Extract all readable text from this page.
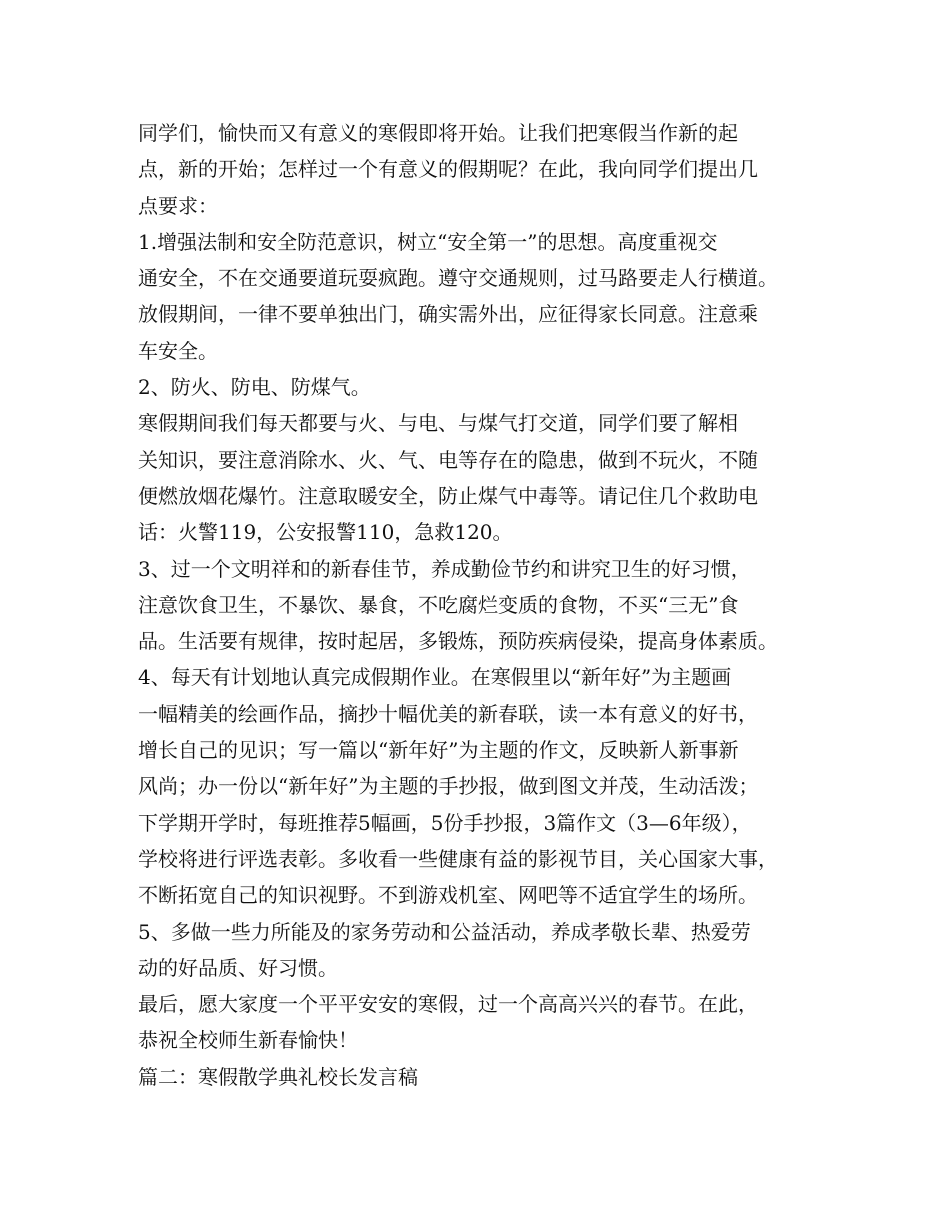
同学们，愉快而又有意义的寒假即将开始。让我们把寒假当作新的起
点，新的开始；怎样过一个有意义的假期呢？在此，我向同学们提出几
点要求：
1.增强法制和安全防范意识，树立“安全第一”的思想。高度重视交
通安全，不在交通要道玩耍疯跑。遵守交通规则，过马路要走人行横道。
放假期间，一律不要单独出门，确实需外出，应征得家长同意。注意乘
车安全。
2、防火、防电、防煤气。
寒假期间我们每天都要与火、与电、与煤气打交道，同学们要了解相
关知识，要注意消除水、火、气、电等存在的隐患，做到不玩火，不随
便燃放烟花爆竹。注意取暖安全，防止煤气中毒等。请记住几个救助电
话：火警119，公安报警110，急救120。
3、过一个文明祥和的新春佳节，养成勤俭节约和讲究卫生的好习惯，
注意饮食卫生，不暴饮、暴食，不吃腐烂变质的食物，不买“三无”食
品。生活要有规律，按时起居，多锻炼，预防疾病侵染，提高身体素质。
4、每天有计划地认真完成假期作业。在寒假里以“新年好”为主题画
一幅精美的绘画作品，摘抄十幅优美的新春联，读一本有意义的好书，
增长自己的见识；写一篇以“新年好”为主题的作文，反映新人新事新
风尚；办一份以“新年好”为主题的手抄报，做到图文并茂，生动活泼；
下学期开学时，每班推荐5幅画，5份手抄报，3篇作文（3—6年级），
学校将进行评选表彰。多收看一些健康有益的影视节目，关心国家大事，
不断拓宽自己的知识视野。不到游戏机室、网吧等不适宜学生的场所。
5、多做一些力所能及的家务劳动和公益活动，养成孝敬长辈、热爱劳
动的好品质、好习惯。
最后，愿大家度一个平平安安的寒假，过一个高高兴兴的春节。在此，
恭祝全校师生新春愉快！
篇二：寒假散学典礼校长发言稿
